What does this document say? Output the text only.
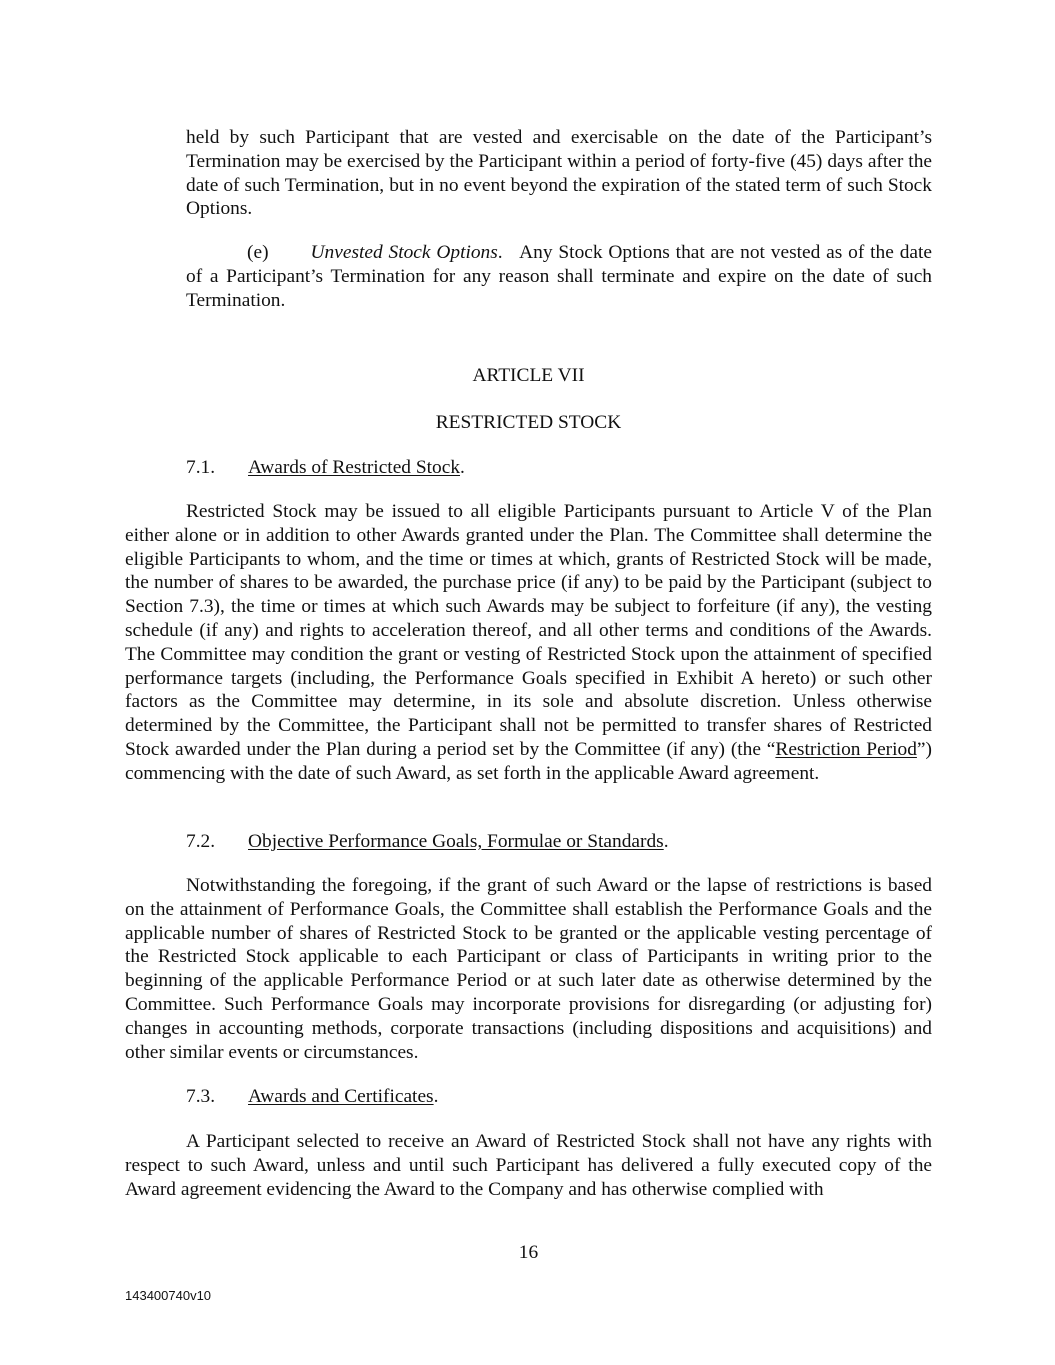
held by such Participant that are vested and exercisable on the date of the Participant’s Termination may be exercised by the Participant within a period of forty-five (45) days after the date of such Termination, but in no event beyond the expiration of the stated term of such Stock Options.

(e) Unvested Stock Options. Any Stock Options that are not vested as of the date of a Participant’s Termination for any reason shall terminate and expire on the date of such Termination.

ARTICLE VII
RESTRICTED STOCK
7.1. Awards of Restricted Stock.

Restricted Stock may be issued to all eligible Participants pursuant to Article V of the Plan either alone or in addition to other Awards granted under the Plan. The Committee shall determine the eligible Participants to whom, and the time or times at which, grants of Restricted Stock will be made, the number of shares to be awarded, the purchase price (if any) to be paid by the Participant (subject to Section 7.3), the time or times at which such Awards may be subject to forfeiture (if any), the vesting schedule (if any) and rights to acceleration thereof, and all other terms and conditions of the Awards. The Committee may condition the grant or vesting of Restricted Stock upon the attainment of specified performance targets (including, the Performance Goals specified in Exhibit A hereto) or such other factors as the Committee may determine, in its sole and absolute discretion. Unless otherwise determined by the Committee, the Participant shall not be permitted to transfer shares of Restricted Stock awarded under the Plan during a period set by the Committee (if any) (the “Restriction Period”) commencing with the date of such Award, as set forth in the applicable Award agreement.

7.2. Objective Performance Goals, Formulae or Standards.

Notwithstanding the foregoing, if the grant of such Award or the lapse of restrictions is based on the attainment of Performance Goals, the Committee shall establish the Performance Goals and the applicable number of shares of Restricted Stock to be granted or the applicable vesting percentage of the Restricted Stock applicable to each Participant or class of Participants in writing prior to the beginning of the applicable Performance Period or at such later date as otherwise determined by the Committee. Such Performance Goals may incorporate provisions for disregarding (or adjusting for) changes in accounting methods, corporate transactions (including dispositions and acquisitions) and other similar events or circumstances.

7.3. Awards and Certificates.

A Participant selected to receive an Award of Restricted Stock shall not have any rights with respect to such Award, unless and until such Participant has delivered a fully executed copy of the Award agreement evidencing the Award to the Company and has otherwise complied with

16
143400740v10
